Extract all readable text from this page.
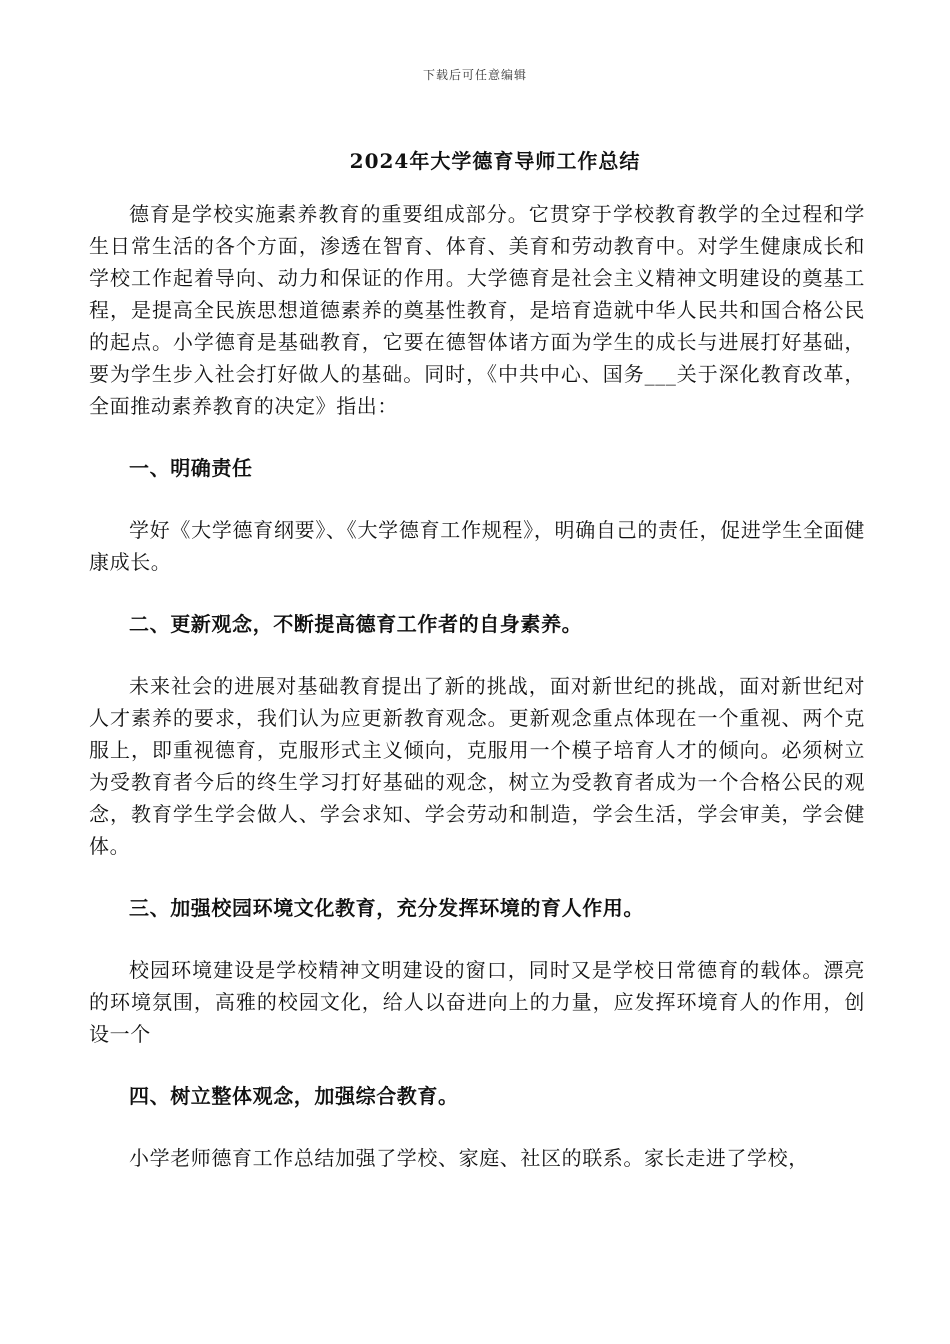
下载后可任意编辑
2024年大学德育导师工作总结

德育是学校实施素养教育的重要组成部分。它贯穿于学校教育教学的全过程和学生日常生活的各个方面，渗透在智育、体育、美育和劳动教育中。对学生健康成长和学校工作起着导向、动力和保证的作用。大学德育是社会主义精神文明建设的奠基工程，是提高全民族思想道德素养的奠基性教育，是培育造就中华人民共和国合格公民的起点。小学德育是基础教育，它要在德智体诸方面为学生的成长与进展打好基础，要为学生步入社会打好做人的基础。同时，《中共中心、国务___关于深化教育改革，全面推动素养教育的决定》指出：

一、明确责任

学好《大学德育纲要》、《大学德育工作规程》，明确自己的责任，促进学生全面健康成长。

二、更新观念，不断提高德育工作者的自身素养。

未来社会的进展对基础教育提出了新的挑战，面对新世纪的挑战，面对新世纪对人才素养的要求，我们认为应更新教育观念。更新观念重点体现在一个重视、两个克服上，即重视德育，克服形式主义倾向，克服用一个模子培育人才的倾向。必须树立为受教育者今后的终生学习打好基础的观念，树立为受教育者成为一个合格公民的观念，教育学生学会做人、学会求知、学会劳动和制造，学会生活，学会审美，学会健体。

三、加强校园环境文化教育，充分发挥环境的育人作用。

校园环境建设是学校精神文明建设的窗口，同时又是学校日常德育的载体。漂亮的环境氛围，高雅的校园文化，给人以奋进向上的力量，应发挥环境育人的作用，创设一个

四、树立整体观念，加强综合教育。

小学老师德育工作总结加强了学校、家庭、社区的联系。家长走进了学校，
